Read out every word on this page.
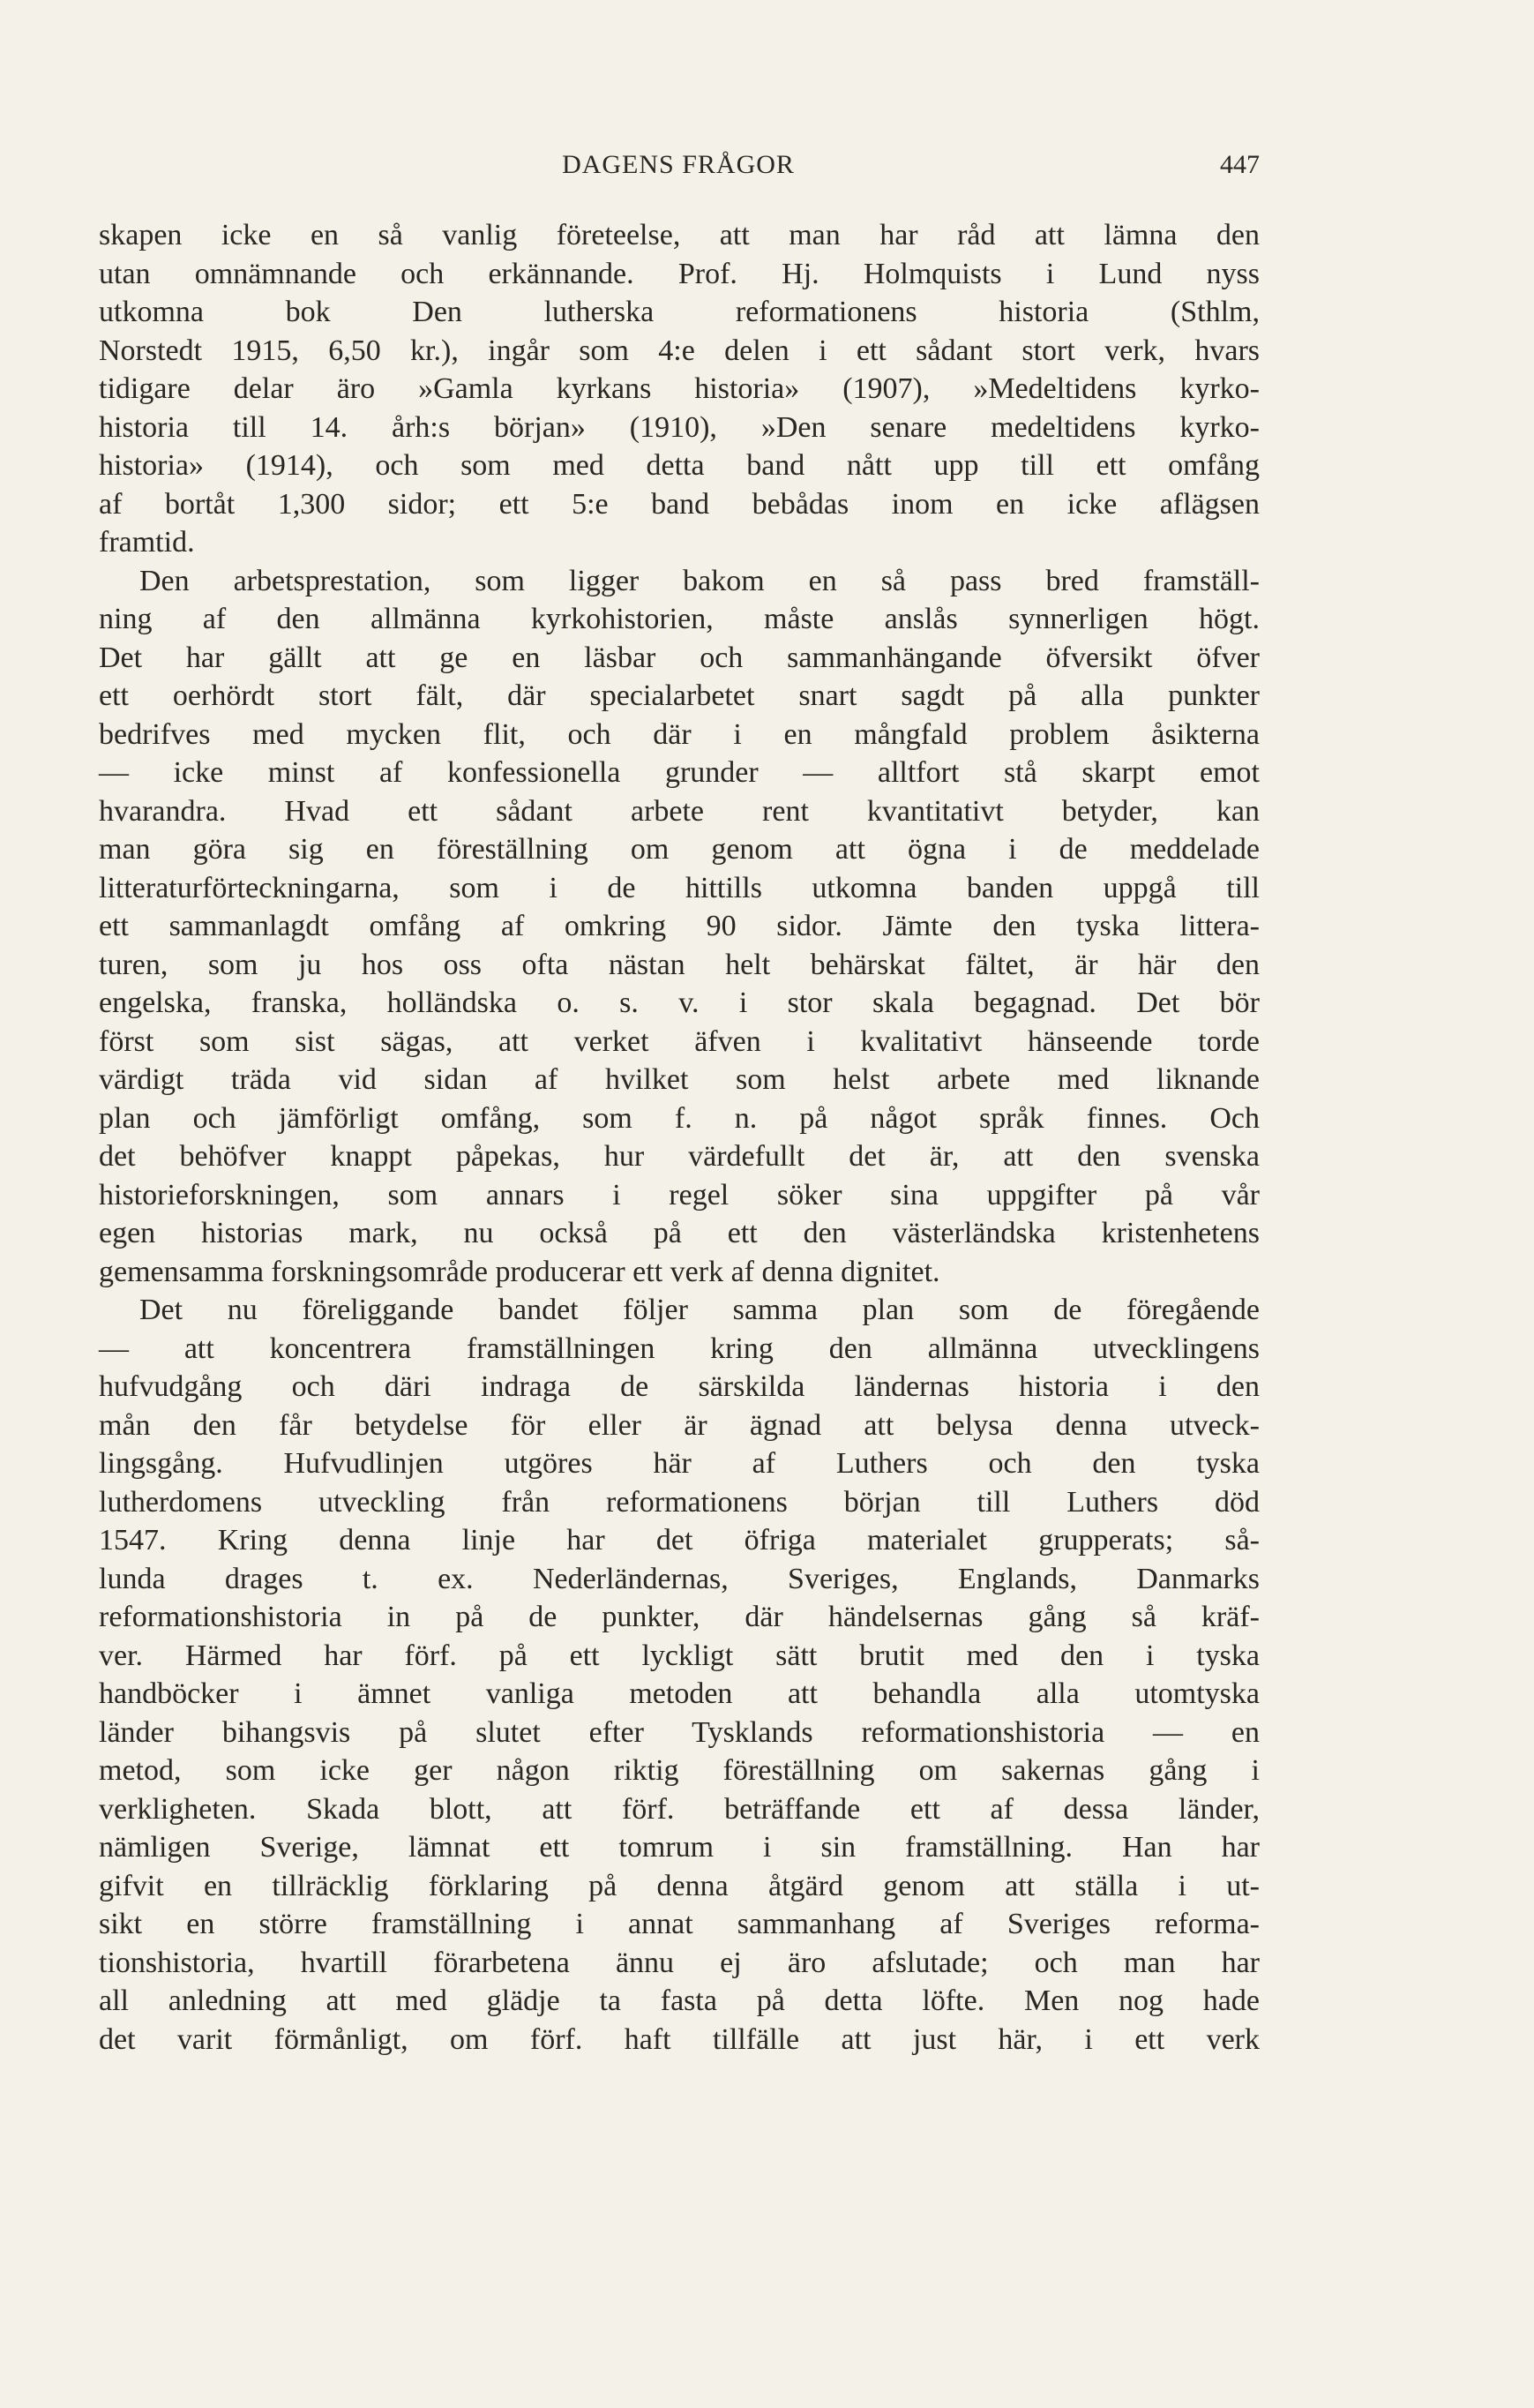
DAGENS FRÅGOR	447
skapen icke en så vanlig företeelse, att man har råd att lämna den
utan omnämnande och erkännande. Prof. Hj. Holmquists i Lund nyss
utkomna bok Den lutherska reformationens historia (Sthlm,
Norstedt 1915, 6,50 kr.), ingår som 4:e delen i ett sådant stort verk, hvars
tidigare delar äro »Gamla kyrkans historia» (1907), »Medeltidens kyrko-
historia till 14. årh:s början» (1910), »Den senare medeltidens kyrko-
historia» (1914), och som med detta band nått upp till ett omfång
af bortåt 1,300 sidor; ett 5:e band bebådas inom en icke aflägsen
framtid.
Den arbetsprestation, som ligger bakom en så pass bred framställ-
ning af den allmänna kyrkohistorien, måste anslås synnerligen högt.
Det har gällt att ge en läsbar och sammanhängande öfversikt öfver
ett oerhördt stort fält, där specialarbetet snart sagdt på alla punkter
bedrifves med mycken flit, och där i en mångfald problem åsikterna
— icke minst af konfessionella grunder — alltfort stå skarpt emot
hvarandra. Hvad ett sådant arbete rent kvantitativt betyder, kan
man göra sig en föreställning om genom att ögna i de meddelade
litteraturförteckningarna, som i de hittills utkomna banden uppgå till
ett sammanlagdt omfång af omkring 90 sidor. Jämte den tyska littera-
turen, som ju hos oss ofta nästan helt behärskat fältet, är här den
engelska, franska, holländska o. s. v. i stor skala begagnad. Det bör
först som sist sägas, att verket äfven i kvalitativt hänseende torde
värdigt träda vid sidan af hvilket som helst arbete med liknande
plan och jämförligt omfång, som f. n. på något språk finnes. Och
det behöfver knappt påpekas, hur värdefullt det är, att den svenska
historieforskningen, som annars i regel söker sina uppgifter på vår
egen historias mark, nu också på ett den västerländska kristenhetens
gemensamma forskningsområde producerar ett verk af denna dignitet.
Det nu föreliggande bandet följer samma plan som de föregående
— att koncentrera framställningen kring den allmänna utvecklingens
hufvudgång och däri indraga de särskilda ländernas historia i den
mån den får betydelse för eller är ägnad att belysa denna utveck-
lingsgång. Hufvudlinjen utgöres här af Luthers och den tyska
lutherdomens utveckling från reformationens början till Luthers död
1547. Kring denna linje har det öfriga materialet grupperats; så-
lunda drages t. ex. Nederländernas, Sveriges, Englands, Danmarks
reformationshistoria in på de punkter, där händelsernas gång så kräf-
ver. Härmed har förf. på ett lyckligt sätt brutit med den i tyska
handböcker i ämnet vanliga metoden att behandla alla utomtyska
länder bihangsvis på slutet efter Tysklands reformationshistoria — en
metod, som icke ger någon riktig föreställning om sakernas gång i
verkligheten. Skada blott, att förf. beträffande ett af dessa länder,
nämligen Sverige, lämnat ett tomrum i sin framställning. Han har
gifvit en tillräcklig förklaring på denna åtgärd genom att ställa i ut-
sikt en större framställning i annat sammanhang af Sveriges reforma-
tionshistoria, hvartill förarbetena ännu ej äro afslutade; och man har
all anledning att med glädje ta fasta på detta löfte. Men nog hade
det varit förmånligt, om förf. haft tillfälle att just här, i ett verk
